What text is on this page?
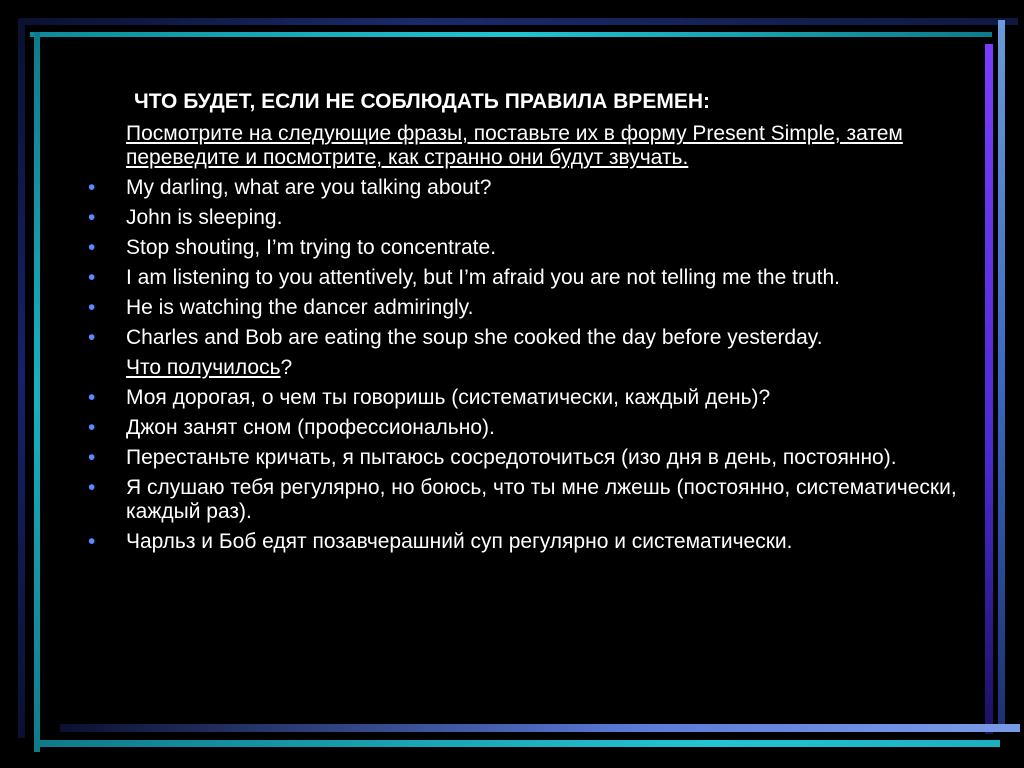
ЧТО БУДЕТ, ЕСЛИ НЕ СОБЛЮДАТЬ ПРАВИЛА ВРЕМЕН:
Посмотрите на следующие фразы, поставьте их в форму Present Simple, затем переведите и посмотрите, как странно они будут звучать.
• My darling, what are you talking about?
• John is sleeping.
• Stop shouting, I’m trying to concentrate.
• I am listening to you attentively, but I’m afraid you are not telling me the truth.
• He is watching the dancer admiringly.
• Charles and Bob are eating the soup she cooked the day before yesterday.
Что получилось?
• Моя дорогая, о чем ты говоришь (систематически, каждый день)?
• Джон занят сном (профессионально).
• Перестаньте кричать, я пытаюсь сосредоточиться (изо дня в день, постоянно).
• Я слушаю тебя регулярно, но боюсь, что ты мне лжешь (постоянно, систематически, каждый раз).
• Чарльз и Боб едят позавчерашний суп регулярно и систематически.
